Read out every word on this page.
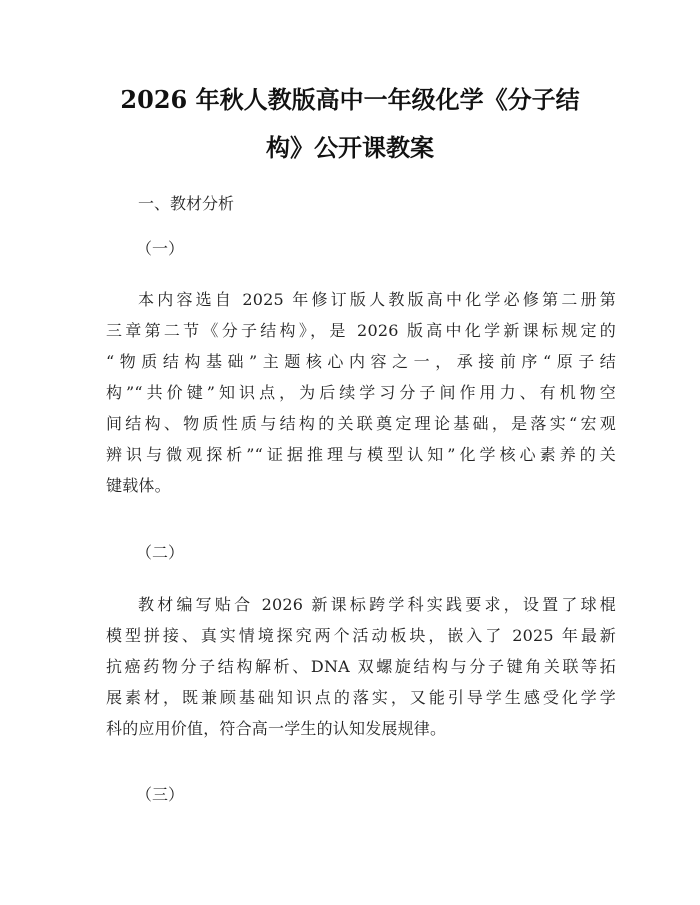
2026 年秋人教版高中一年级化学《分子结
构》公开课教案

一、教材分析

（一）

本内容选自 2025 年修订版人教版高中化学必修第二册第
三章第二节《分子结构》，是 2026 版高中化学新课标规定的
“物质结构基础”主题核心内容之一，承接前序“原子结
构”“共价键”知识点，为后续学习分子间作用力、有机物空
间结构、物质性质与结构的关联奠定理论基础，是落实“宏观
辨识与微观探析”“证据推理与模型认知”化学核心素养的关
键载体。

（二）

教材编写贴合 2026 新课标跨学科实践要求，设置了球棍
模型拼接、真实情境探究两个活动板块，嵌入了 2025 年最新
抗癌药物分子结构解析、DNA 双螺旋结构与分子键角关联等拓
展素材，既兼顾基础知识点的落实，又能引导学生感受化学学
科的应用价值，符合高一学生的认知发展规律。

（三）
